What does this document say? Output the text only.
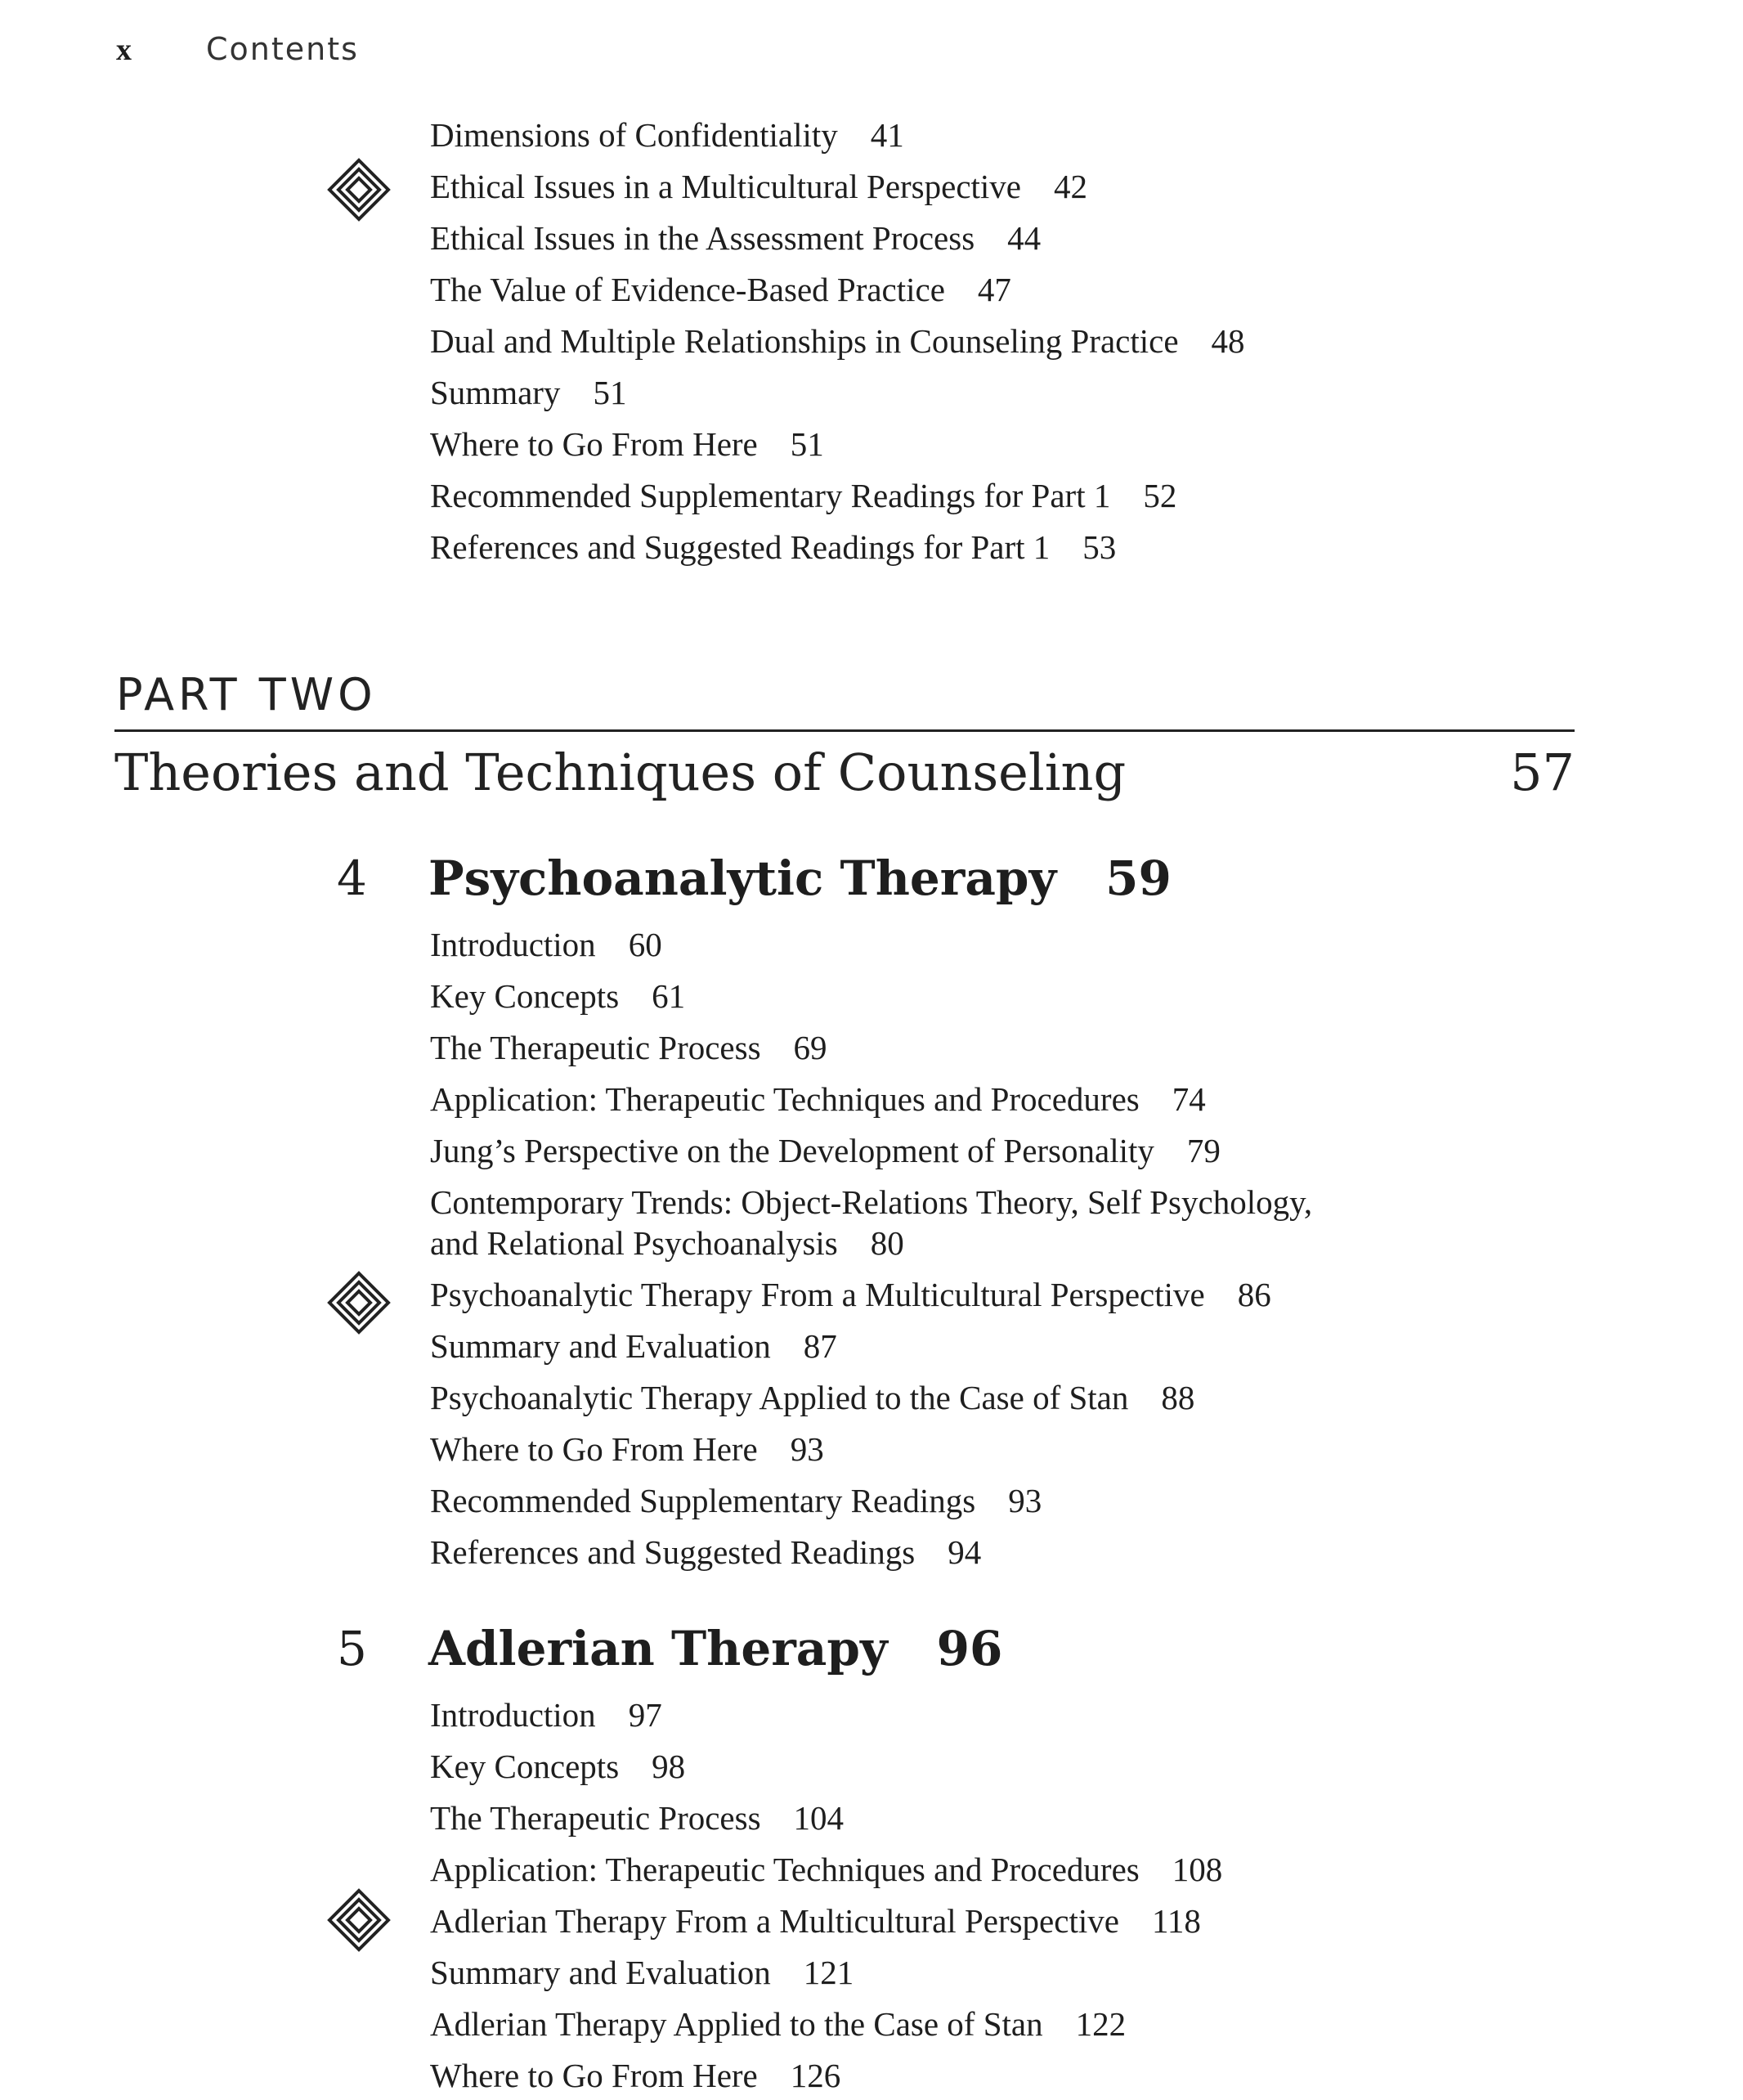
x	Contents
Dimensions of Confidentiality 41
Ethical Issues in a Multicultural Perspective 42
Ethical Issues in the Assessment Process 44
The Value of Evidence-Based Practice 47
Dual and Multiple Relationships in Counseling Practice 48
Summary 51
Where to Go From Here 51
Recommended Supplementary Readings for Part 1 52
References and Suggested Readings for Part 1 53
PART TWO
Theories and Techniques of Counseling	57
4 Psychoanalytic Therapy 59
Introduction 60
Key Concepts 61
The Therapeutic Process 69
Application: Therapeutic Techniques and Procedures 74
Jung’s Perspective on the Development of Personality 79
Contemporary Trends: Object-Relations Theory, Self Psychology,
and Relational Psychoanalysis 80
Psychoanalytic Therapy From a Multicultural Perspective 86
Summary and Evaluation 87
Psychoanalytic Therapy Applied to the Case of Stan 88
Where to Go From Here 93
Recommended Supplementary Readings 93
References and Suggested Readings 94
5 Adlerian Therapy 96
Introduction 97
Key Concepts 98
The Therapeutic Process 104
Application: Therapeutic Techniques and Procedures 108
Adlerian Therapy From a Multicultural Perspective 118
Summary and Evaluation 121
Adlerian Therapy Applied to the Case of Stan 122
Where to Go From Here 126
